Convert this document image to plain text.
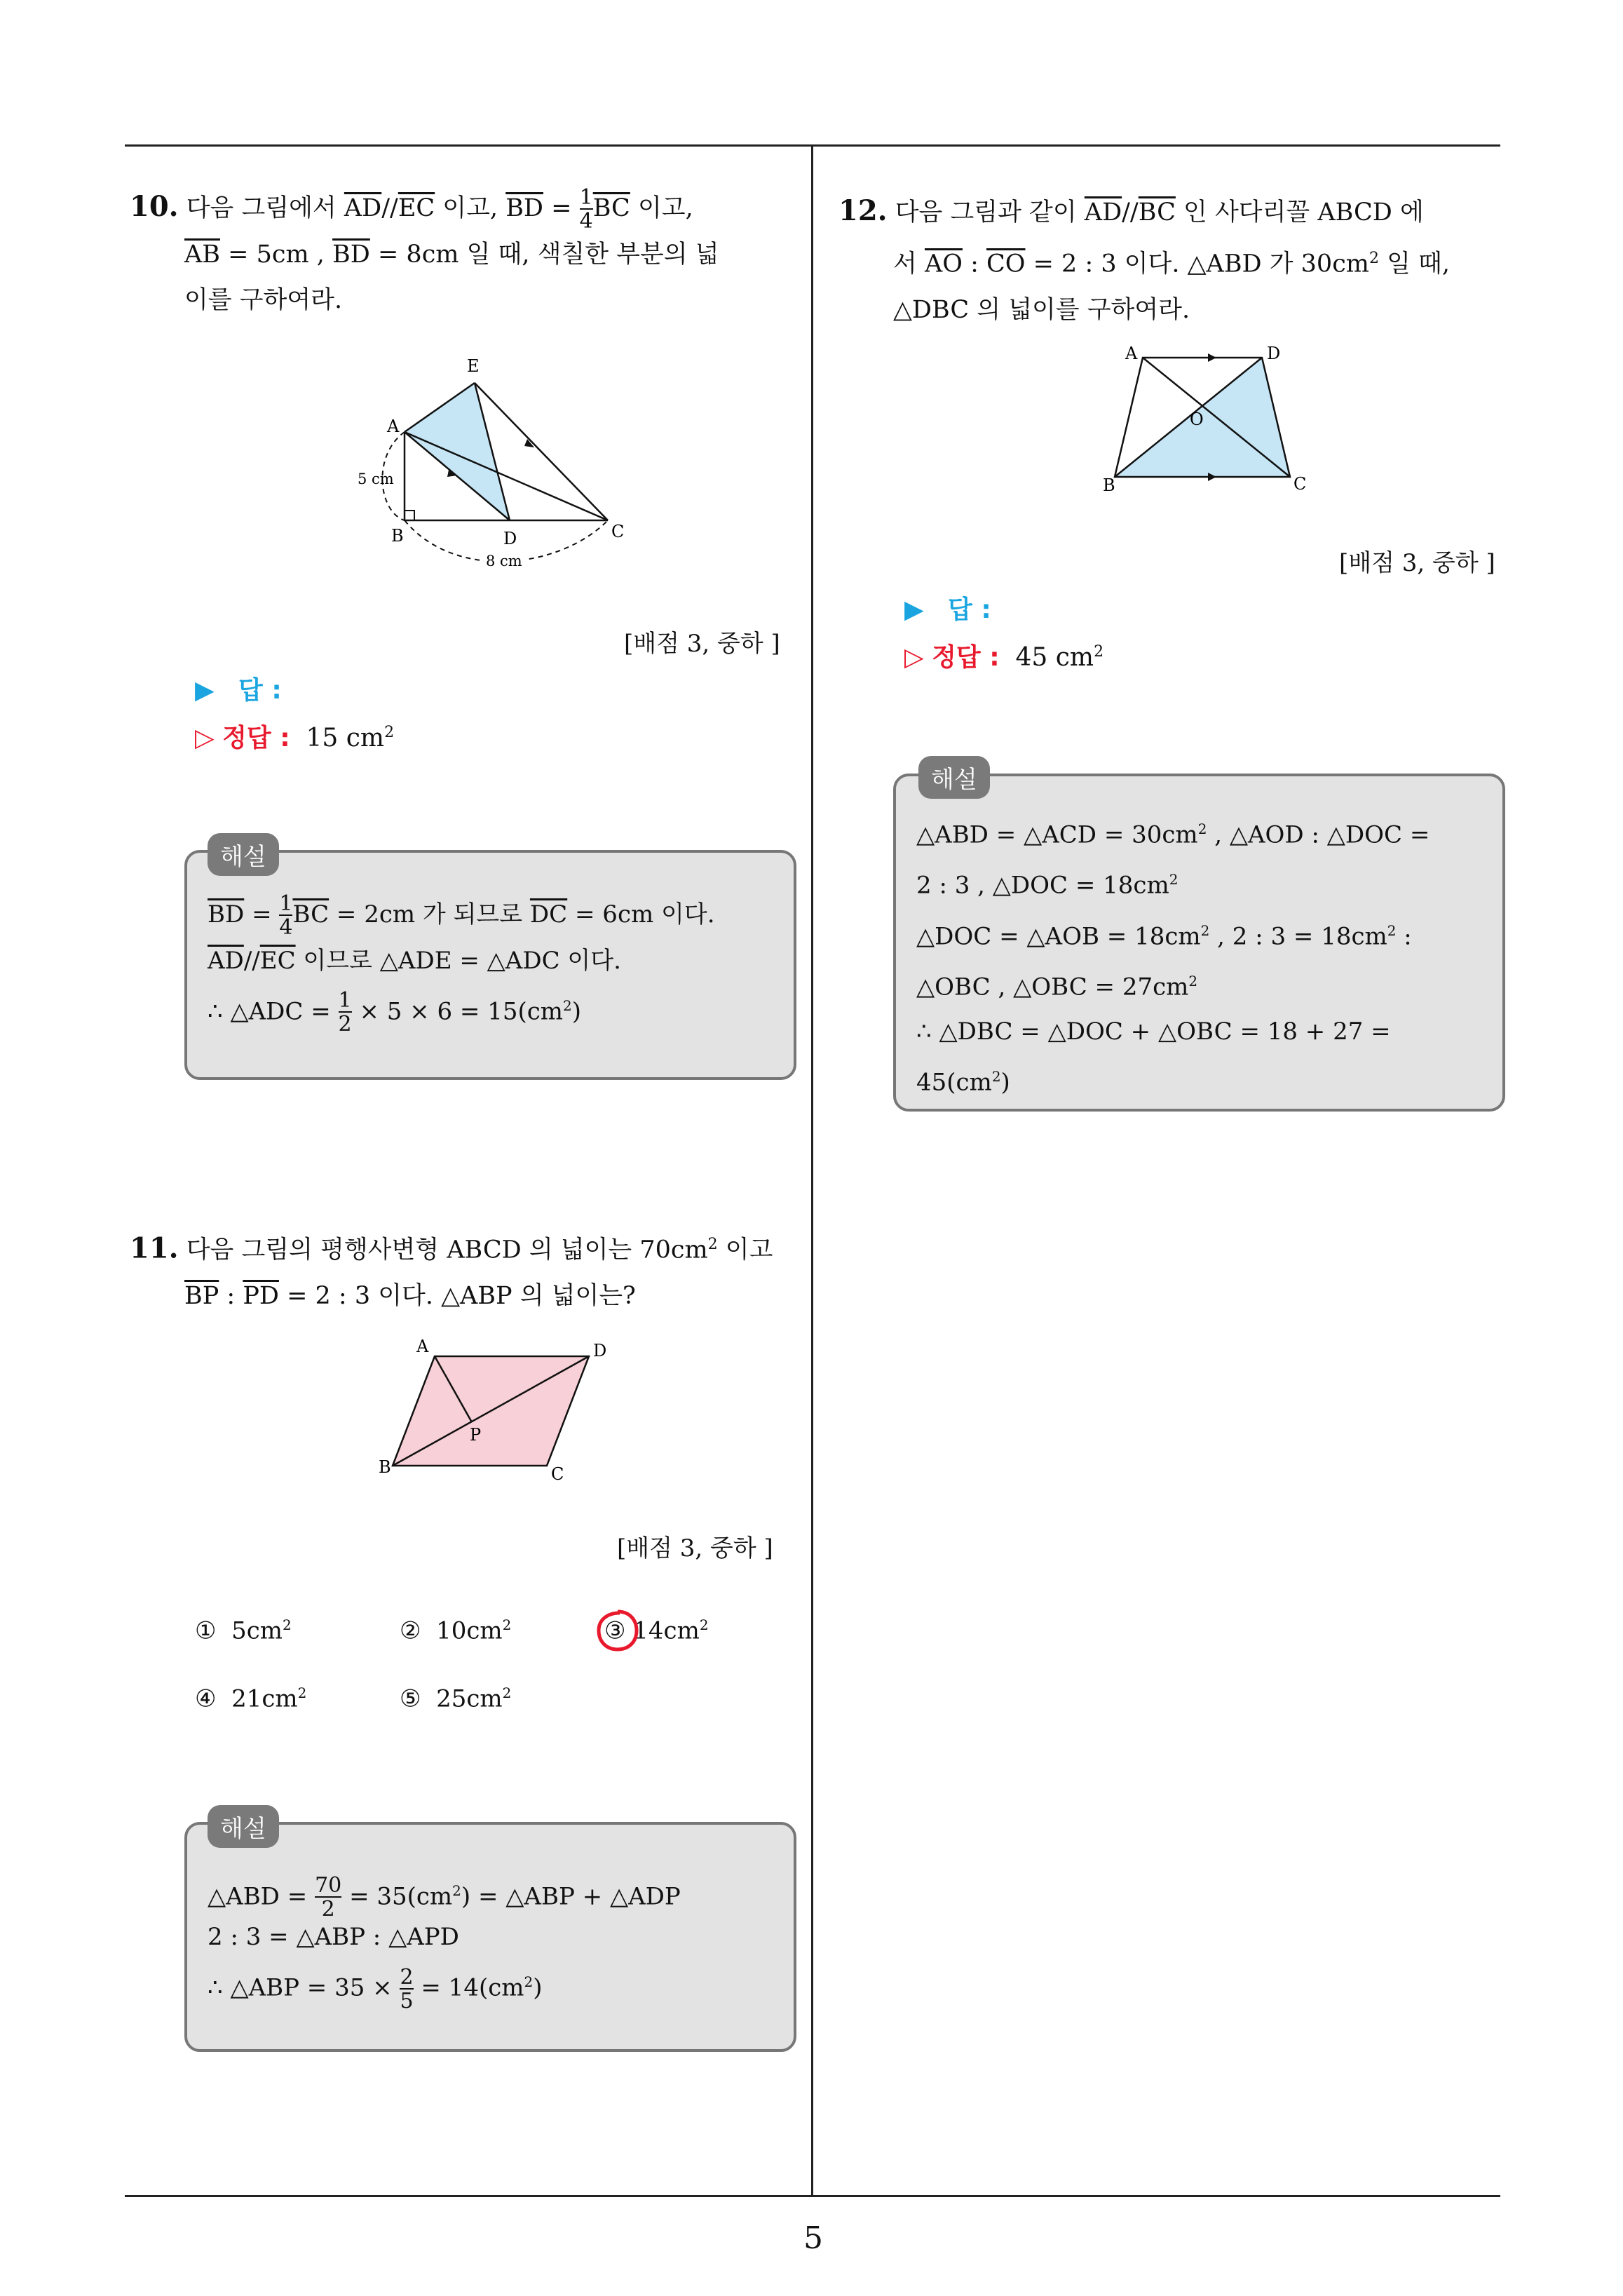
5
10. 다음 그림에서 $\overline{AD}//\overline{EC}$ 이고, $\overline{BD} = \frac{1}{4} \overline{BC}$ 이고,
$\overline{AB} = 5cm$ , $\overline{BD} = 8cm$ 일 때, 색칠한 부분의 넓
이를 구하여라.
E
A
B	D	C
5 cm
8 cm
[배점 3, 중하 ]
▶ 답 :
▷ 정답 : 15 $cm^2$
해설
$\overline{BD} = \frac{1}{4} \overline{BC} = 2cm$ 가 되므로 $\overline{DC} = 6cm$ 이다.
$\overline{AD}//\overline{EC}$ 이므로 △ADE = △ADC 이다.
∴ △ADC = $\frac{1}{2} \times 5 \times 6 = 15(cm^2)$
11. 다음 그림의 평행사변형 ABCD 의 넓이는 $70cm^2$ 이고
$\overline{BP}$ : $\overline{PD} = 2$ : 3 이다. △ABP 의 넓이는?
A	D
B	C
P
[배점 3, 중하 ]
① $5cm^2$	② $10cm^2$	③ $14cm^2$
④ $21cm^2$	⑤ $25cm^2$
해설
△ABD = $\frac{70}{2} = 35(cm^2)$ = △ABP + △ADP
2 : 3 = △ABP : △APD
∴ △ABP = $35 \times \frac{2}{5} = 14(cm^2)$
12. 다음 그림과 같이 $\overline{AD}//\overline{BC}$ 인 사다리꼴 ABCD 에
서 $\overline{AO}$ : $\overline{CO} = 2$ : 3 이다. △ABD 가 $30cm^2$ 일 때,
△DBC 의 넓이를 구하여라.
A	D
O
B	C
[배점 3, 중하 ]
▶ 답 :
▷ 정답 : 45 $cm^2$
해설
△ABD = △ACD = $30cm^2$ , △AOD : △DOC =
2 : 3 , △DOC = $18cm^2$
△DOC = △AOB = $18cm^2$ , 2 : $3 = 18cm^2$ :
△OBC , △OBC = $27cm^2$
∴ △DBC = △DOC + △OBC = 18 + 27 =
$45(cm^2)$
